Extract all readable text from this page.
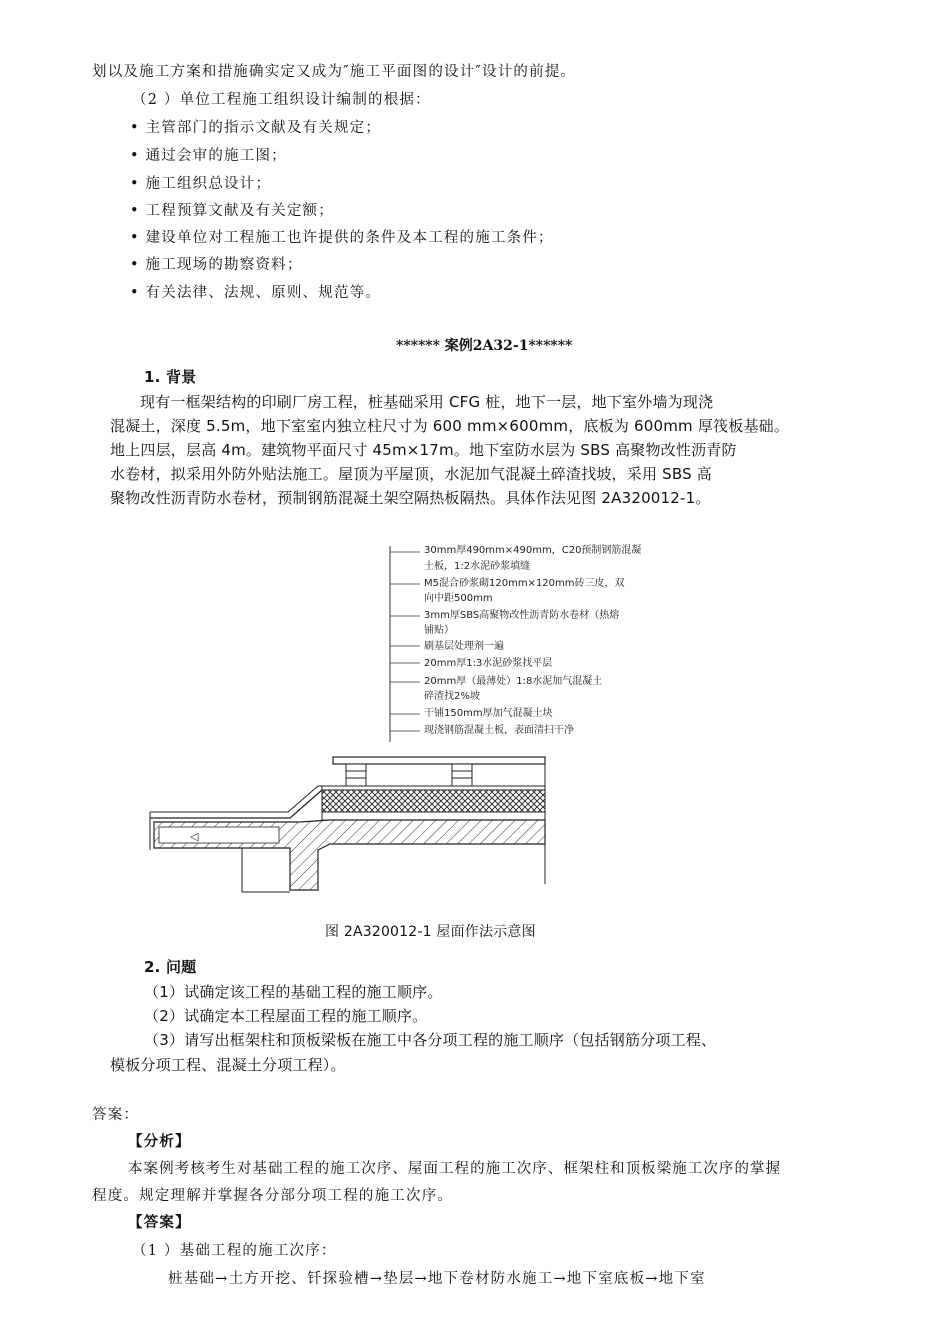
划以及施工方案和措施确实定又成为″施工平面图的设计″设计的前提。
（2 ）单位工程施工组织设计编制的根据：
• 主管部门的指示文献及有关规定；
• 通过会审的施工图；
• 施工组织总设计；
• 工程预算文献及有关定额；
• 建设单位对工程施工也许提供的条件及本工程的施工条件；
• 施工现场的勘察资料；
• 有关法律、法规、原则、规范等。
****** 案例2A32-1******
1. 背景
现有一框架结构的印刷厂房工程，桩基础采用 CFG 桩，地下一层，地下室外墙为现浇
混凝土，深度 5.5m，地下室室内独立柱尺寸为 600 mm×600mm，底板为 600mm 厚筏板基础。
地上四层，层高 4m。建筑物平面尺寸 45m×17m。地下室防水层为 SBS 高聚物改性沥青防
水卷材，拟采用外防外贴法施工。屋顶为平屋顶，水泥加气混凝土碎渣找坡，采用 SBS 高
聚物改性沥青防水卷材，预制钢筋混凝土架空隔热板隔热。具体作法见图 2A320012-1。
30mm厚490mm×490mm，C20预制钢筋混凝
土板，1:2水泥砂浆填缝
M5混合砂浆砌120mm×120mm砖三皮，双
向中距500mm
3mm厚SBS高聚物改性沥青防水卷材（热熔
铺贴）
刷基层处理剂一遍
20mm厚1:3水泥砂浆找平层
20mm厚（最薄处）1:8水泥加气混凝土
碎渣找2%坡
干铺150mm厚加气混凝土块
现浇钢筋混凝土板，表面清扫干净
◁
图 2A320012-1 屋面作法示意图
2. 问题
（1）试确定该工程的基础工程的施工顺序。
（2）试确定本工程屋面工程的施工顺序。
（3）请写出框架柱和顶板梁板在施工中各分项工程的施工顺序（包括钢筋分项工程、
模板分项工程、混凝土分项工程）。
答案：
【分析】
本案例考核考生对基础工程的施工次序、屋面工程的施工次序、框架柱和顶板梁施工次序的掌握
程度。规定理解并掌握各分部分项工程的施工次序。
【答案】
（1 ）基础工程的施工次序：
桩基础→土方开挖、钎探验槽→垫层→地下卷材防水施工→地下室底板→地下室
